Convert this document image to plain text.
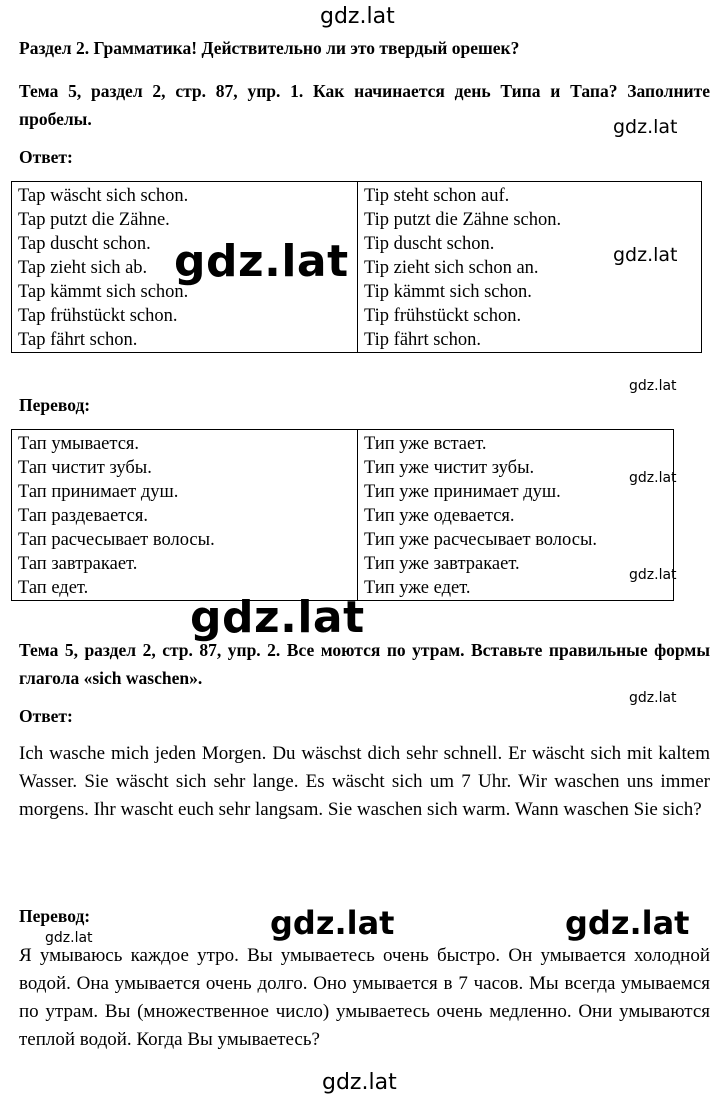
gdz.lat
gdz.lat
gdz.lat	gdz.lat
gdz.lat
gdz.lat
gdz.lat
gdz.lat
gdz.lat
gdz.lat	gdz.lat
gdz.lat
gdz.lat
Раздел 2. Грамматика! Действительно ли это твердый орешек?
Тема 5, раздел 2, стр. 87, упр. 1. Как начинается день Типа и Тапа? Заполните пробелы.
Ответ:
Tap wäscht sich schon.
Tap putzt die Zähne.
Tap duscht schon.
Tap zieht sich ab.
Tap kämmt sich schon.
Tap frühstückt schon.
Tap fährt schon.

Tip steht schon auf.
Tip putzt die Zähne schon.
Tip duscht schon.
Tip zieht sich schon an.
Tip kämmt sich schon.
Tip frühstückt schon.
Tip fährt schon.
Перевод:
Тап умывается.
Тап чистит зубы.
Тап принимает душ.
Тап раздевается.
Тап расчесывает волосы.
Тап завтракает.
Тап едет.

Тип уже встает.
Тип уже чистит зубы.
Тип уже принимает душ.
Тип уже одевается.
Тип уже расчесывает волосы.
Тип уже завтракает.
Тип уже едет.
Тема 5, раздел 2, стр. 87, упр. 2. Все моются по утрам. Вставьте правильные формы глагола «sich waschen».
Ответ:
Ich wasche mich jeden Morgen. Du wäschst dich sehr schnell. Er wäscht sich mit kaltem Wasser. Sie wäscht sich sehr lange. Es wäscht sich um 7 Uhr. Wir waschen uns immer morgens. Ihr wascht euch sehr langsam. Sie waschen sich warm. Wann waschen Sie sich?
Перевод:
Я умываюсь каждое утро. Вы умываетесь очень быстро. Он умывается холодной водой. Она умывается очень долго. Оно умывается в 7 часов. Мы всегда умываемся по утрам. Вы (множественное число) умываетесь очень медленно. Они умываются теплой водой. Когда Вы умываетесь?
